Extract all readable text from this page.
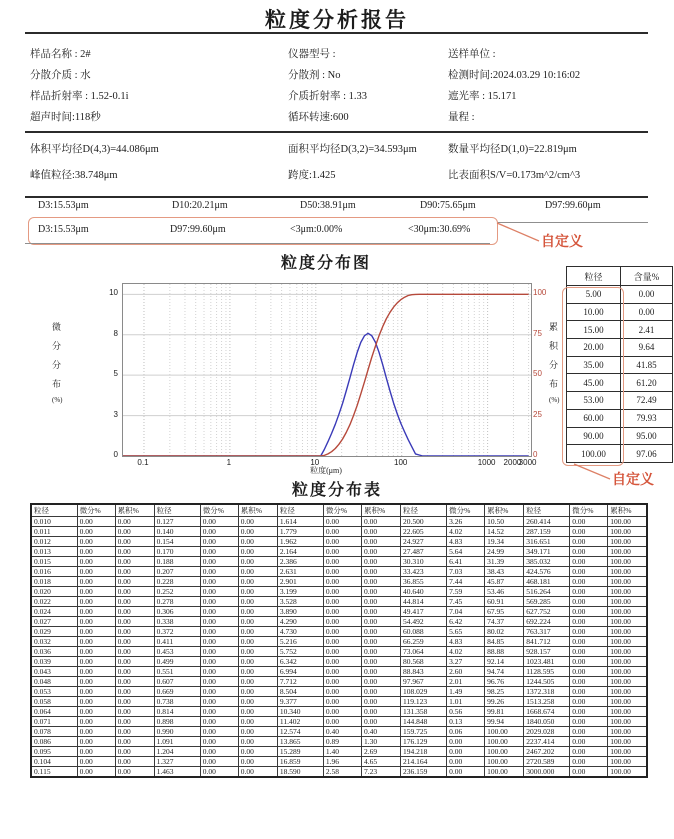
粒度分析报告
样品名称 : 2#	仪器型号 :	送样单位 :
分散介质 : 水	分散剂 : No	检测时间:2024.03.29 10:16:02
样品折射率 : 1.52-0.1i	介质折射率 : 1.33	遮光率 : 15.171
超声时间:118秒	循环转速:600	量程 :
体积平均径D(4,3)=44.086μm	面积平均径D(3,2)=34.593μm	数量平均径D(1,0)=22.819μm
峰值粒径:38.748μm	跨度:1.425	比表面积S/V=0.173m^2/cm^3
D3:15.53μm	D10:20.21μm	D50:38.91μm	D90:75.65μm	D97:99.60μm
D3:15.53μm	D97:99.60μm	<3μm:0.00%	<30μm:30.69%
自定义
粒度分布图
0
3
5
8
10
0
25
50
75
100
0.1	1	10	100	1000	2000
3000
微
分
分
布
(%)
累
积
分
布
(%)
粒度(μm)
粒径	含量%
5.00	0.00
10.00	0.00
15.00	2.41
20.00	9.64
35.00	41.85
45.00	61.20
53.00	72.49
60.00	79.93
90.00	95.00
100.00	97.06
自定义
粒度分布表
粒径	微分%	累积%	粒径	微分%	累积%	粒径	微分%	累积%	粒径	微分%	累积%	粒径	微分%	累积%
0.010	0.00	0.00	0.127	0.00	0.00	1.614	0.00	0.00	20.500	3.26	10.50	260.414	0.00	100.00
0.011	0.00	0.00	0.140	0.00	0.00	1.779	0.00	0.00	22.605	4.02	14.52	287.159	0.00	100.00
0.012	0.00	0.00	0.154	0.00	0.00	1.962	0.00	0.00	24.927	4.83	19.34	316.651	0.00	100.00
0.013	0.00	0.00	0.170	0.00	0.00	2.164	0.00	0.00	27.487	5.64	24.99	349.171	0.00	100.00
0.015	0.00	0.00	0.188	0.00	0.00	2.386	0.00	0.00	30.310	6.41	31.39	385.032	0.00	100.00
0.016	0.00	0.00	0.207	0.00	0.00	2.631	0.00	0.00	33.423	7.03	38.43	424.576	0.00	100.00
0.018	0.00	0.00	0.228	0.00	0.00	2.901	0.00	0.00	36.855	7.44	45.87	468.181	0.00	100.00
0.020	0.00	0.00	0.252	0.00	0.00	3.199	0.00	0.00	40.640	7.59	53.46	516.264	0.00	100.00
0.022	0.00	0.00	0.278	0.00	0.00	3.528	0.00	0.00	44.814	7.45	60.91	569.285	0.00	100.00
0.024	0.00	0.00	0.306	0.00	0.00	3.890	0.00	0.00	49.417	7.04	67.95	627.752	0.00	100.00
0.027	0.00	0.00	0.338	0.00	0.00	4.290	0.00	0.00	54.492	6.42	74.37	692.224	0.00	100.00
0.029	0.00	0.00	0.372	0.00	0.00	4.730	0.00	0.00	60.088	5.65	80.02	763.317	0.00	100.00
0.032	0.00	0.00	0.411	0.00	0.00	5.216	0.00	0.00	66.259	4.83	84.85	841.712	0.00	100.00
0.036	0.00	0.00	0.453	0.00	0.00	5.752	0.00	0.00	73.064	4.02	88.88	928.157	0.00	100.00
0.039	0.00	0.00	0.499	0.00	0.00	6.342	0.00	0.00	80.568	3.27	92.14	1023.481	0.00	100.00
0.043	0.00	0.00	0.551	0.00	0.00	6.994	0.00	0.00	88.843	2.60	94.74	1128.595	0.00	100.00
0.048	0.00	0.00	0.607	0.00	0.00	7.712	0.00	0.00	97.967	2.01	96.76	1244.505	0.00	100.00
0.053	0.00	0.00	0.669	0.00	0.00	8.504	0.00	0.00	108.029	1.49	98.25	1372.318	0.00	100.00
0.058	0.00	0.00	0.738	0.00	0.00	9.377	0.00	0.00	119.123	1.01	99.26	1513.258	0.00	100.00
0.064	0.00	0.00	0.814	0.00	0.00	10.340	0.00	0.00	131.358	0.56	99.81	1668.674	0.00	100.00
0.071	0.00	0.00	0.898	0.00	0.00	11.402	0.00	0.00	144.848	0.13	99.94	1840.050	0.00	100.00
0.078	0.00	0.00	0.990	0.00	0.00	12.574	0.40	0.40	159.725	0.06	100.00	2029.028	0.00	100.00
0.086	0.00	0.00	1.091	0.00	0.00	13.865	0.89	1.30	176.129	0.00	100.00	2237.414	0.00	100.00
0.095	0.00	0.00	1.204	0.00	0.00	15.289	1.40	2.69	194.218	0.00	100.00	2467.202	0.00	100.00
0.104	0.00	0.00	1.327	0.00	0.00	16.859	1.96	4.65	214.164	0.00	100.00	2720.589	0.00	100.00
0.115	0.00	0.00	1.463	0.00	0.00	18.590	2.58	7.23	236.159	0.00	100.00	3000.000	0.00	100.00
